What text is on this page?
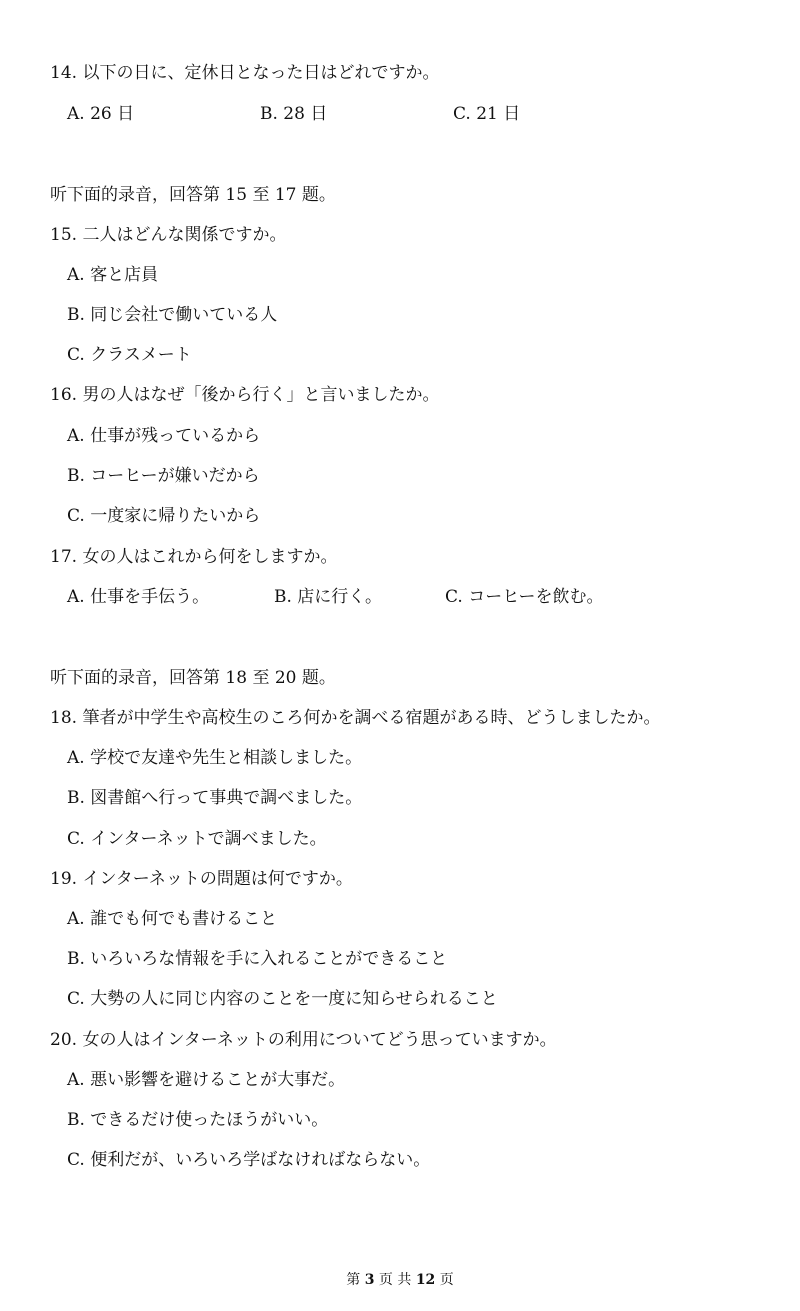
14. 以下の日に、定休日となった日はどれですか。
A. 26 日	B. 28 日	C. 21 日
听下面的录音，回答第 15 至 17 题。
15. 二人はどんな関係ですか。
A. 客と店員
B. 同じ会社で働いている人
C. クラスメート
16. 男の人はなぜ「後から行く」と言いましたか。
A. 仕事が残っているから
B. コーヒーが嫌いだから
C. 一度家に帰りたいから
17. 女の人はこれから何をしますか。
A. 仕事を手伝う。	B. 店に行く。	C. コーヒーを飲む。
听下面的录音，回答第 18 至 20 题。
18. 筆者が中学生や高校生のころ何かを調べる宿題がある時、どうしましたか。
A. 学校で友達や先生と相談しました。
B. 図書館へ行って事典で調べました。
C. インターネットで調べました。
19. インターネットの問題は何ですか。
A. 誰でも何でも書けること
B. いろいろな情報を手に入れることができること
C. 大勢の人に同じ内容のことを一度に知らせられること
20. 女の人はインターネットの利用についてどう思っていますか。
A. 悪い影響を避けることが大事だ。
B. できるだけ使ったほうがいい。
C. 便利だが、いろいろ学ばなければならない。
第 3 页 共 12 页
